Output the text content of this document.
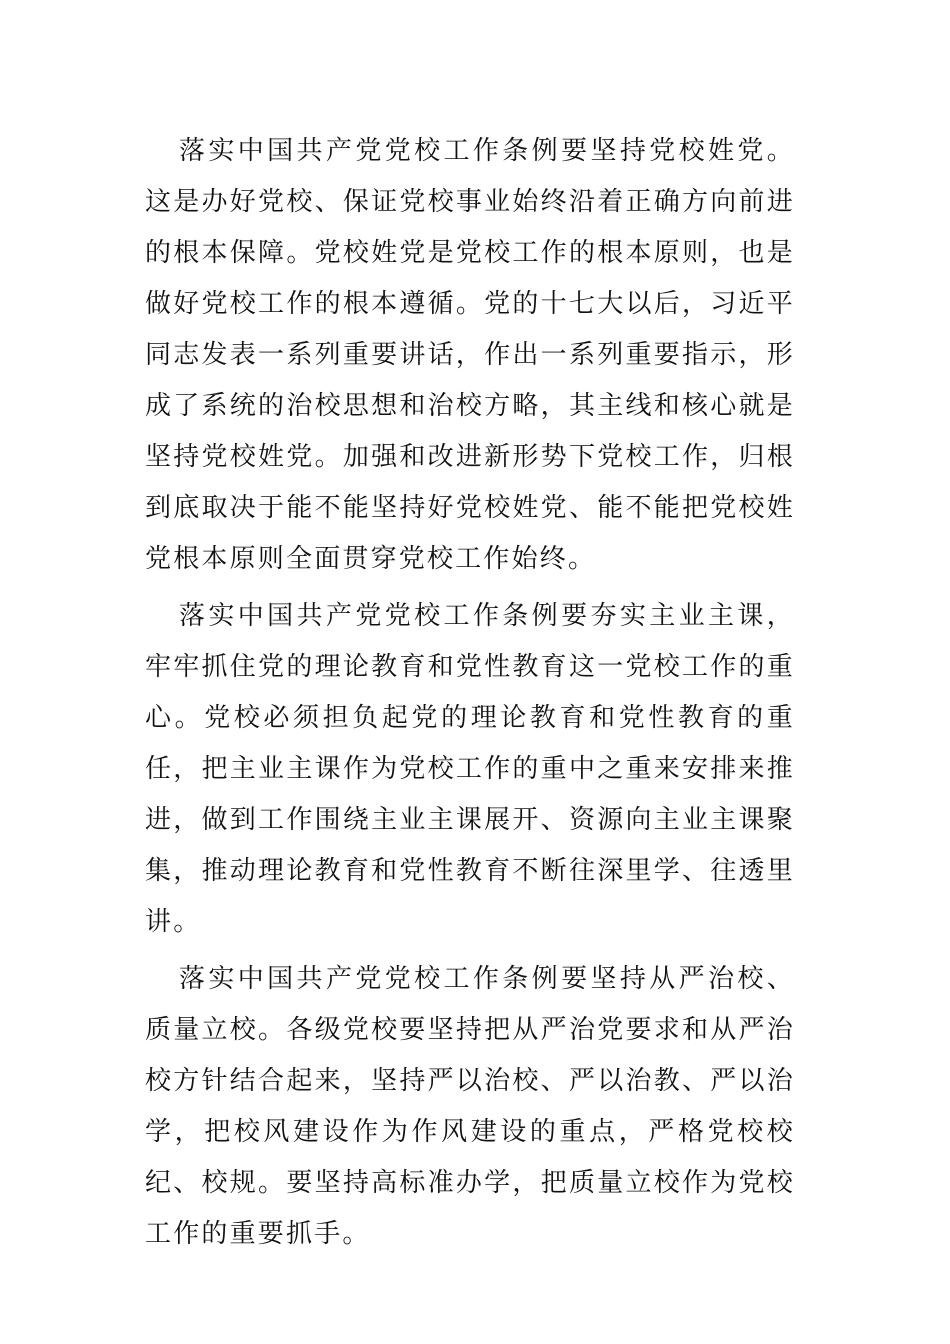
落实中国共产党党校工作条例要坚持党校姓党。这是办好党校、保证党校事业始终沿着正确方向前进的根本保障。党校姓党是党校工作的根本原则，也是做好党校工作的根本遵循。党的十七大以后，习近平同志发表一系列重要讲话，作出一系列重要指示，形成了系统的治校思想和治校方略，其主线和核心就是坚持党校姓党。加强和改进新形势下党校工作，归根到底取决于能不能坚持好党校姓党、能不能把党校姓党根本原则全面贯穿党校工作始终。

落实中国共产党党校工作条例要夯实主业主课，牢牢抓住党的理论教育和党性教育这一党校工作的重心。党校必须担负起党的理论教育和党性教育的重任，把主业主课作为党校工作的重中之重来安排来推进，做到工作围绕主业主课展开、资源向主业主课聚集，推动理论教育和党性教育不断往深里学、往透里讲。

落实中国共产党党校工作条例要坚持从严治校、质量立校。各级党校要坚持把从严治党要求和从严治校方针结合起来，坚持严以治校、严以治教、严以治学，把校风建设作为作风建设的重点，严格党校校纪、校规。要坚持高标准办学，把质量立校作为党校工作的重要抓手。
